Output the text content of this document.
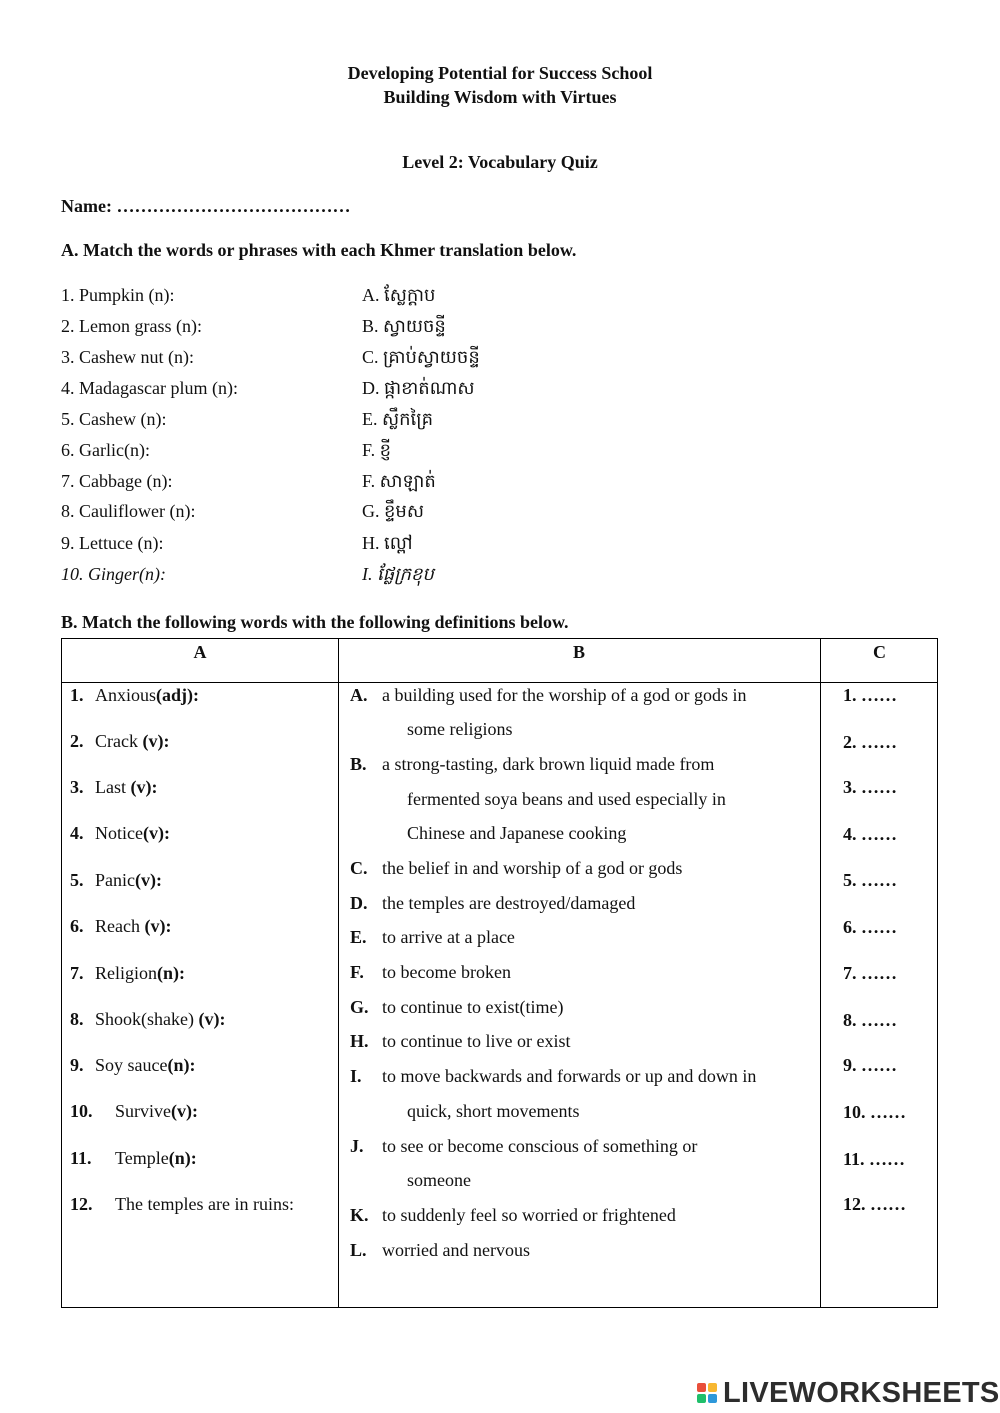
Developing Potential for Success School
Building Wisdom with Virtues
Level 2: Vocabulary Quiz
Name: …………………………………
A. Match the words or phrases with each Khmer translation below.
1. Pumpkin (n):
2. Lemon grass (n):
3. Cashew nut (n):
4. Madagascar plum (n):
5. Cashew (n):
6. Garlic(n):
7. Cabbage (n):
8. Cauliflower (n):
9. Lettuce (n):
10. Ginger(n):
A. ស្លែក្តាប
B. ស្វាយចន្ទី
C. គ្រាប់ស្វាយចន្ទី
D. ផ្កាខាត់ណាស
E. ស្លឹកគ្រៃ
F. ខ្ញី
F. សាឡាត់
G. ខ្ទឹមស
H. ល្ពៅ
I. ផ្លែក្រខុប
B. Match the following words with the following definitions below.
A	B	C
1. Anxious(adj):
2. Crack (v):
3. Last (v):
4. Notice(v):
5. Panic(v):
6. Reach (v):
7. Religion(n):
8. Shook(shake) (v):
9. Soy sauce(n):
10. Survive(v):
11. Temple(n):
12. The temples are in ruins:
A. a building used for the worship of a god or gods in
some religions
B. a strong-tasting, dark brown liquid made from
fermented soya beans and used especially in
Chinese and Japanese cooking
C. the belief in and worship of a god or gods
D. the temples are destroyed/damaged
E. to arrive at a place
F. to become broken
G. to continue to exist(time)
H. to continue to live or exist
I. to move backwards and forwards or up and down in
quick, short movements
J. to see or become conscious of something or
someone
K. to suddenly feel so worried or frightened
L. worried and nervous
1. ……
2. ……
3. ……
4. ……
5. ……
6. ……
7. ……
8. ……
9. ……
10. ……
11. ……
12. ……
LIVEWORKSHEETS
